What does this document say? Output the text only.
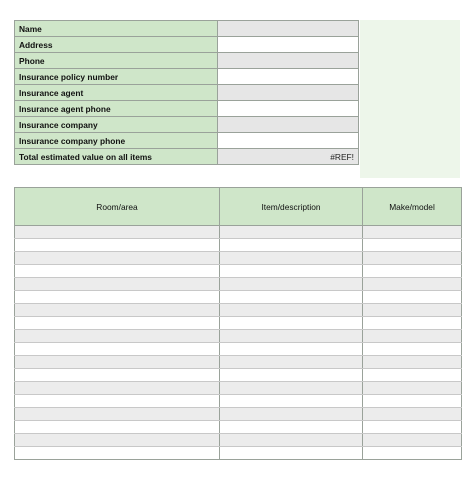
Name	
Address	
Phone	
Insurance policy number	
Insurance agent	
Insurance agent phone	
Insurance company	
Insurance company phone	
Total estimated value on all items	#REF!
Room/area	Item/description	Make/model
